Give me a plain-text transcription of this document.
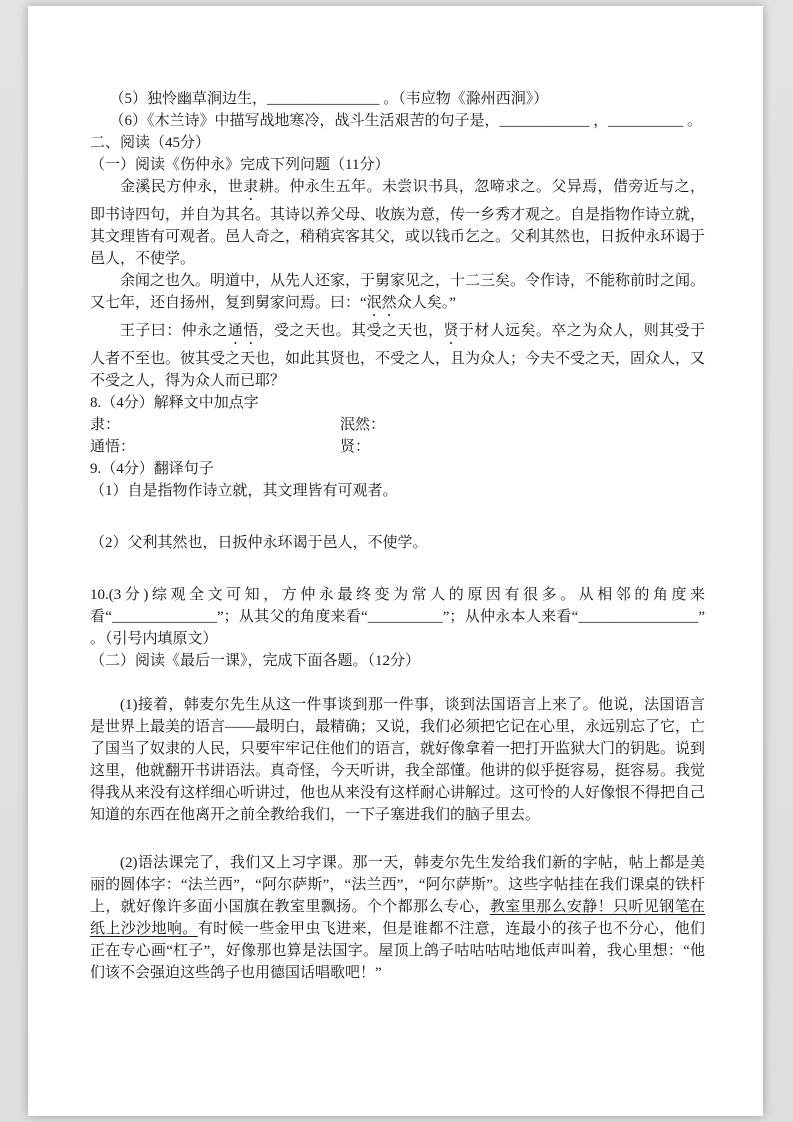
（5）独怜幽草涧边生，_______________ 。（韦应物《滁州西涧》）

（6）《木兰诗》中描写战地寒冷，战斗生活艰苦的句子是，____________ ，__________ 。

二、阅读（45分）

（一）阅读《伤仲永》完成下列问题（11分）

金溪民方仲永，世隶耕。仲永生五年。未尝识书具，忽啼求之。父异焉，借旁近与之，即书诗四句，并自为其名。其诗以养父母、收族为意，传一乡秀才观之。自是指物作诗立就，其文理皆有可观者。邑人奇之，稍稍宾客其父，或以钱币乞之。父利其然也，日扳仲永环谒于邑人，不使学。

余闻之也久。明道中，从先人还家，于舅家见之，十二三矣。令作诗，不能称前时之闻。又七年，还自扬州，复到舅家问焉。曰：“泯然众人矣。”

王子曰：仲永之通悟，受之天也。其受之天也，贤于材人远矣。卒之为众人，则其受于人者不至也。彼其受之天也，如此其贤也，不受之人，且为众人；今夫不受之天，固众人，又不受之人，得为众人而已耶？

8.（4分）解释文中加点字

隶：	泯然：
通悟：	贤：

9.（4分）翻译句子

（1）自是指物作诗立就，其文理皆有可观者。

（2）父利其然也，日扳仲永环谒于邑人，不使学。

10.(3分)综观全文可知，方仲永最终变为常人的原因有很多。从相邻的角度来看“______________”；从其父的角度来看“__________”；从仲永本人来看“________________” 。（引号内填原文）

（二）阅读《最后一课》，完成下面各题。（12分）

(1)接着，韩麦尔先生从这一件事谈到那一件事，谈到法国语言上来了。他说，法国语言是世界上最美的语言——最明白，最精确；又说，我们必须把它记在心里，永远别忘了它，亡了国当了奴隶的人民，只要牢牢记住他们的语言，就好像拿着一把打开监狱大门的钥匙。说到这里，他就翻开书讲语法。真奇怪，今天听讲，我全部懂。他讲的似乎挺容易，挺容易。我觉得我从来没有这样细心听讲过，他也从来没有这样耐心讲解过。这可怜的人好像恨不得把自己知道的东西在他离开之前全教给我们，一下子塞进我们的脑子里去。

(2)语法课完了，我们又上习字课。那一天，韩麦尔先生发给我们新的字帖，帖上都是美丽的圆体字：“法兰西”，“阿尔萨斯”，“法兰西”，“阿尔萨斯”。这些字帖挂在我们课桌的铁杆上，就好像许多面小国旗在教室里飘扬。个个都那么专心，教室里那么安静！只听见钢笔在纸上沙沙地响。有时候一些金甲虫飞进来，但是谁都不注意，连最小的孩子也不分心，他们正在专心画“杠子”，好像那也算是法国字。屋顶上鸽子咕咕咕咕地低声叫着，我心里想：“他们该不会强迫这些鸽子也用德国话唱歌吧！”
